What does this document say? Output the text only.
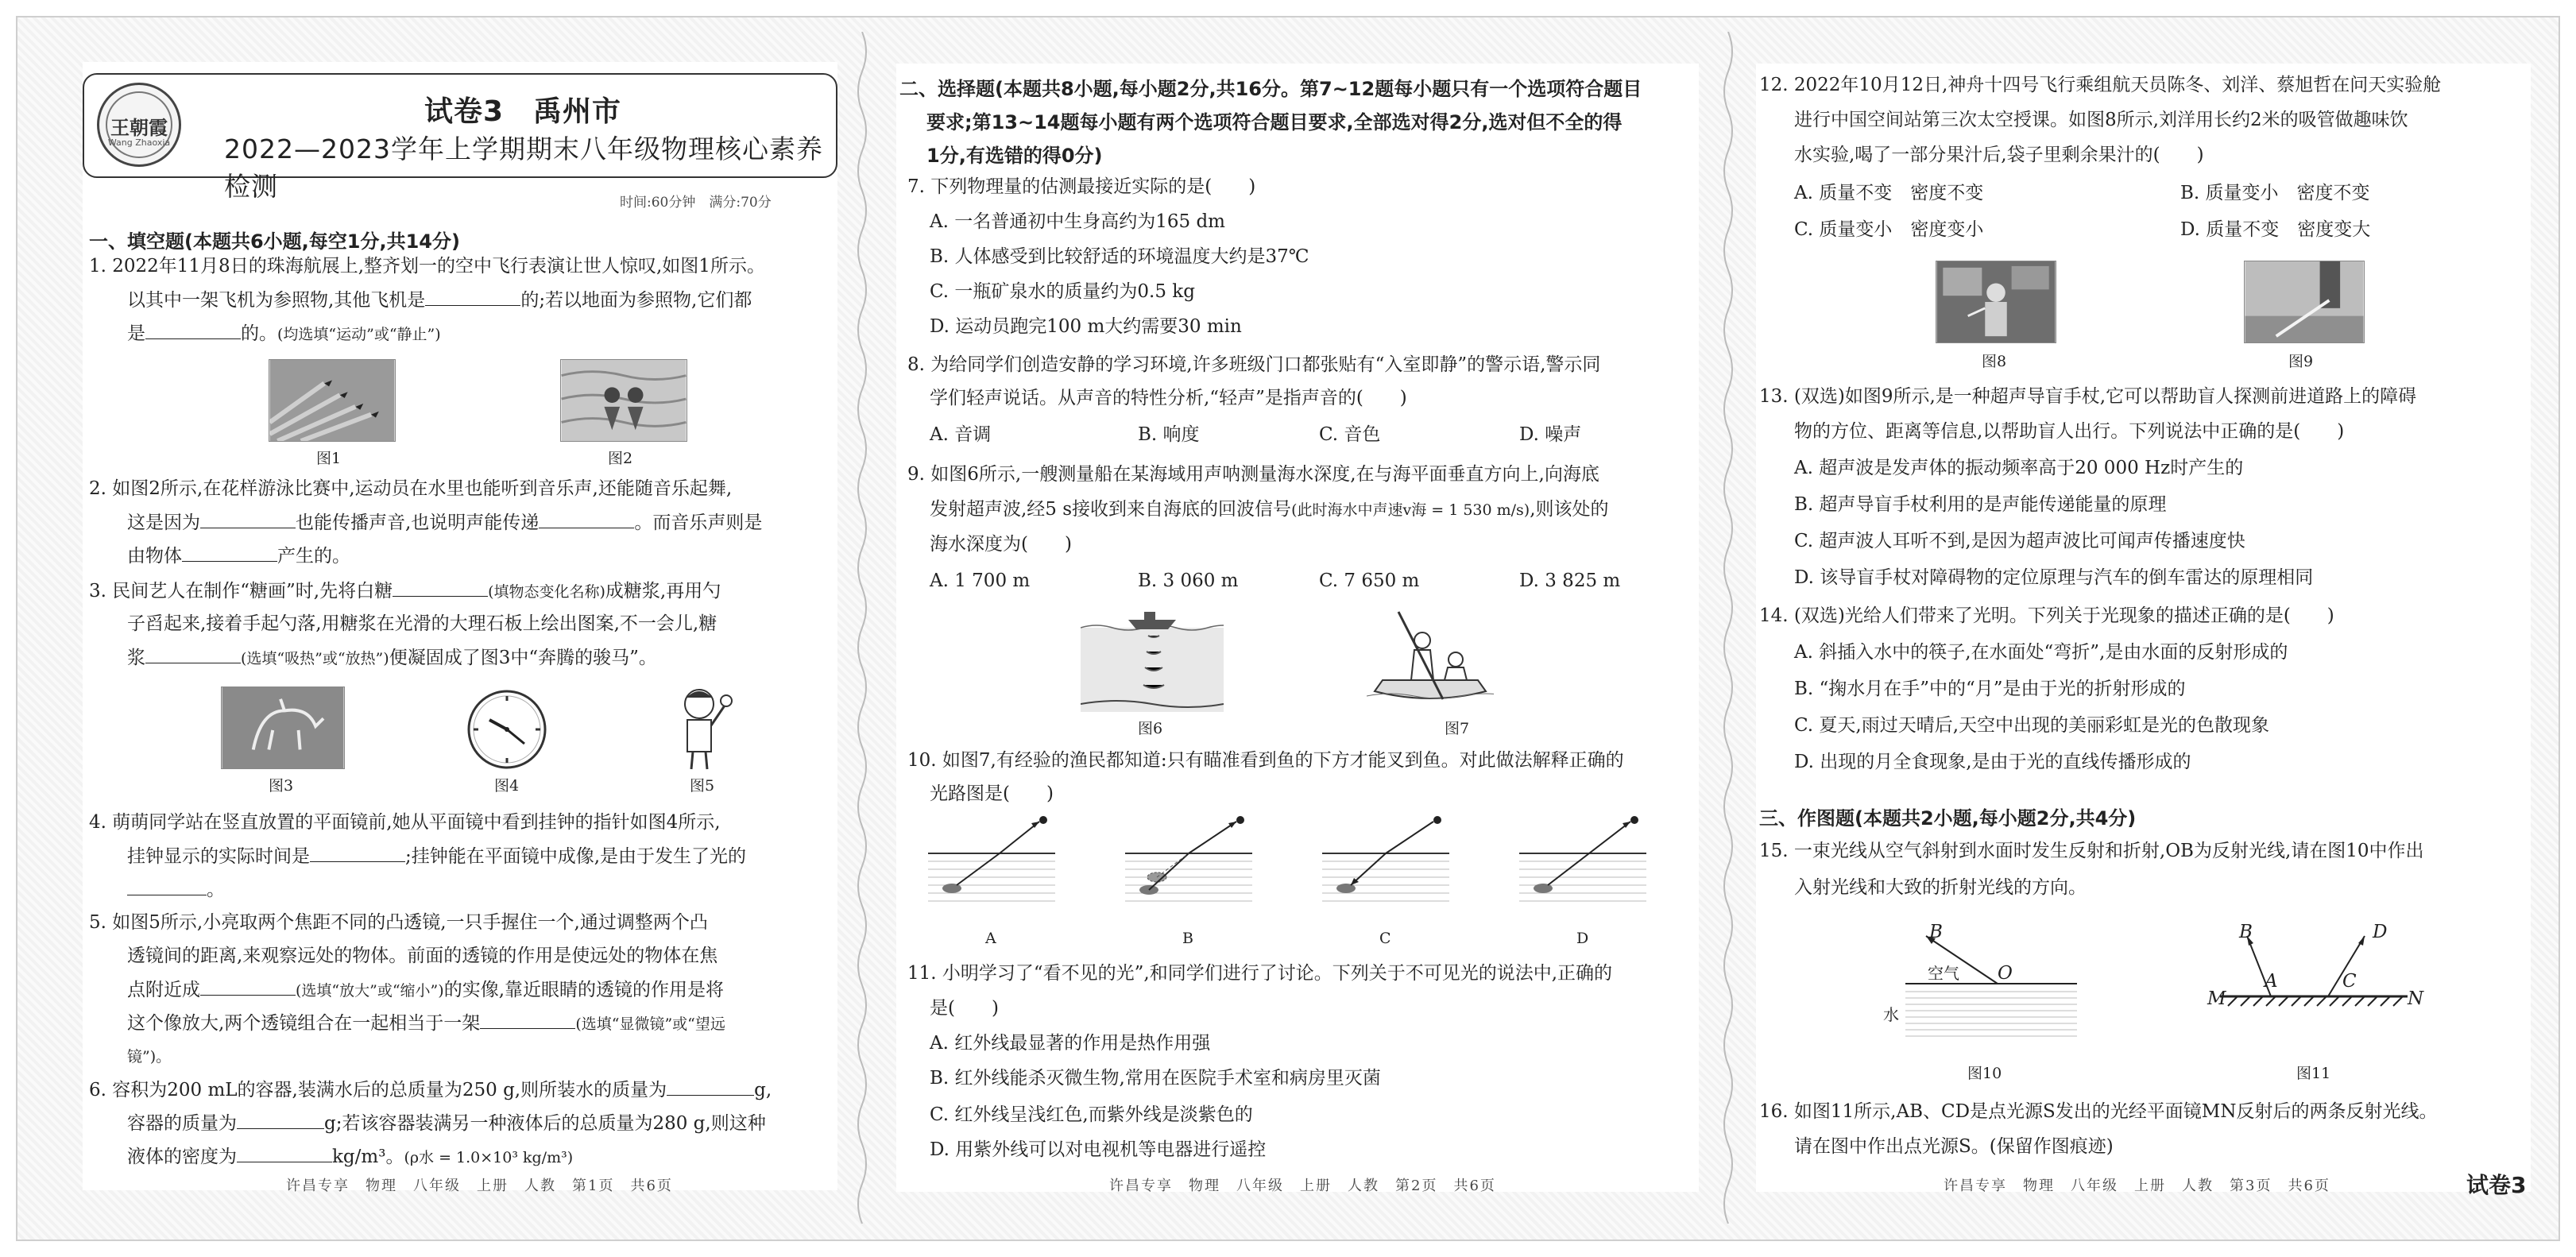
王朝霞
Wang Zhaoxia
试卷3　禹州市
2022—2023学年上学期期末八年级物理核心素养检测
时间:60分钟　满分:70分
一、填空题(本题共6小题,每空1分,共14分)
1. 2022年11月8日的珠海航展上,整齐划一的空中飞行表演让世人惊叹,如图1所示。
以其中一架飞机为参照物,其他飞机是	的;若以地面为参照物,它们都
是	的。(均选填“运动”或“静止”)
图1	图2
2. 如图2所示,在花样游泳比赛中,运动员在水里也能听到音乐声,还能随音乐起舞,
这是因为	也能传播声音,也说明声能传递	。而音乐声则是
由物体	产生的。
3. 民间艺人在制作“糖画”时,先将白糖	(填物态变化名称)成糖浆,再用勺
子舀起来,接着手起勺落,用糖浆在光滑的大理石板上绘出图案,不一会儿,糖
浆	(选填“吸热”或“放热”)便凝固成了图3中“奔腾的骏马”。
图3	图4	图5
4. 萌萌同学站在竖直放置的平面镜前,她从平面镜中看到挂钟的指针如图4所示,
挂钟显示的实际时间是	;挂钟能在平面镜中成像,是由于发生了光的
。
5. 如图5所示,小亮取两个焦距不同的凸透镜,一只手握住一个,通过调整两个凸
透镜间的距离,来观察远处的物体。前面的透镜的作用是使远处的物体在焦
点附近成	(选填“放大”或“缩小”)的实像,靠近眼睛的透镜的作用是将
这个像放大,两个透镜组合在一起相当于一架	(选填“显微镜”或“望远
镜”)。
6. 容积为200 mL的容器,装满水后的总质量为250 g,则所装水的质量为	g,
容器的质量为	g;若该容器装满另一种液体后的总质量为280 g,则这种
液体的密度为	kg/m³。(ρ水 = 1.0×10³ kg/m³)
许昌专享　物理　八年级　上册　人教　第1页　共6页
二、选择题(本题共8小题,每小题2分,共16分。第7~12题每小题只有一个选项符合题目
要求;第13~14题每小题有两个选项符合题目要求,全部选对得2分,选对但不全的得
1分,有选错的得0分)
7. 下列物理量的估测最接近实际的是(　　)
A. 一名普通初中生身高约为165 dm
B. 人体感受到比较舒适的环境温度大约是37℃
C. 一瓶矿泉水的质量约为0.5 kg
D. 运动员跑完100 m大约需要30 min
8. 为给同学们创造安静的学习环境,许多班级门口都张贴有“入室即静”的警示语,警示同
学们轻声说话。从声音的特性分析,“轻声”是指声音的(　　)
A. 音调	B. 响度	C. 音色	D. 噪声
9. 如图6所示,一艘测量船在某海域用声呐测量海水深度,在与海平面垂直方向上,向海底
发射超声波,经5 s接收到来自海底的回波信号(此时海水中声速v海 = 1 530 m/s),则该处的
海水深度为(　　)
A. 1 700 m	B. 3 060 m	C. 7 650 m	D. 3 825 m
图6	图7
10. 如图7,有经验的渔民都知道:只有瞄准看到鱼的下方才能叉到鱼。对此做法解释正确的
光路图是(　　)
A	B	C	D
11. 小明学习了“看不见的光”,和同学们进行了讨论。下列关于不可见光的说法中,正确的
是(　　)
A. 红外线最显著的作用是热作用强
B. 红外线能杀灭微生物,常用在医院手术室和病房里灭菌
C. 红外线呈浅红色,而紫外线是淡紫色的
D. 用紫外线可以对电视机等电器进行遥控
许昌专享　物理　八年级　上册　人教　第2页　共6页
12. 2022年10月12日,神舟十四号飞行乘组航天员陈冬、刘洋、蔡旭哲在问天实验舱
进行中国空间站第三次太空授课。如图8所示,刘洋用长约2米的吸管做趣味饮
水实验,喝了一部分果汁后,袋子里剩余果汁的(　　)
A. 质量不变　密度不变	B. 质量变小　密度不变
C. 质量变小　密度变小	D. 质量不变　密度变大
图8	图9
13. (双选)如图9所示,是一种超声导盲手杖,它可以帮助盲人探测前进道路上的障碍
物的方位、距离等信息,以帮助盲人出行。下列说法中正确的是(　　)
A. 超声波是发声体的振动频率高于20 000 Hz时产生的
B. 超声导盲手杖利用的是声能传递能量的原理
C. 超声波人耳听不到,是因为超声波比可闻声传播速度快
D. 该导盲手杖对障碍物的定位原理与汽车的倒车雷达的原理相同
14. (双选)光给人们带来了光明。下列关于光现象的描述正确的是(　　)
A. 斜插入水中的筷子,在水面处“弯折”,是由水面的反射形成的
B. “掬水月在手”中的“月”是由于光的折射形成的
C. 夏天,雨过天晴后,天空中出现的美丽彩虹是光的色散现象
D. 出现的月全食现象,是由于光的直线传播形成的
三、作图题(本题共2小题,每小题2分,共4分)
15. 一束光线从空气斜射到水面时发生反射和折射,OB为反射光线,请在图10中作出
入射光线和大致的折射光线的方向。
B
空气 O
水
图10
B	D
A	C
M	N
图11
16. 如图11所示,AB、CD是点光源S发出的光经平面镜MN反射后的两条反射光线。
请在图中作出点光源S。(保留作图痕迹)
许昌专享　物理　八年级　上册　人教　第3页　共6页	试卷3
